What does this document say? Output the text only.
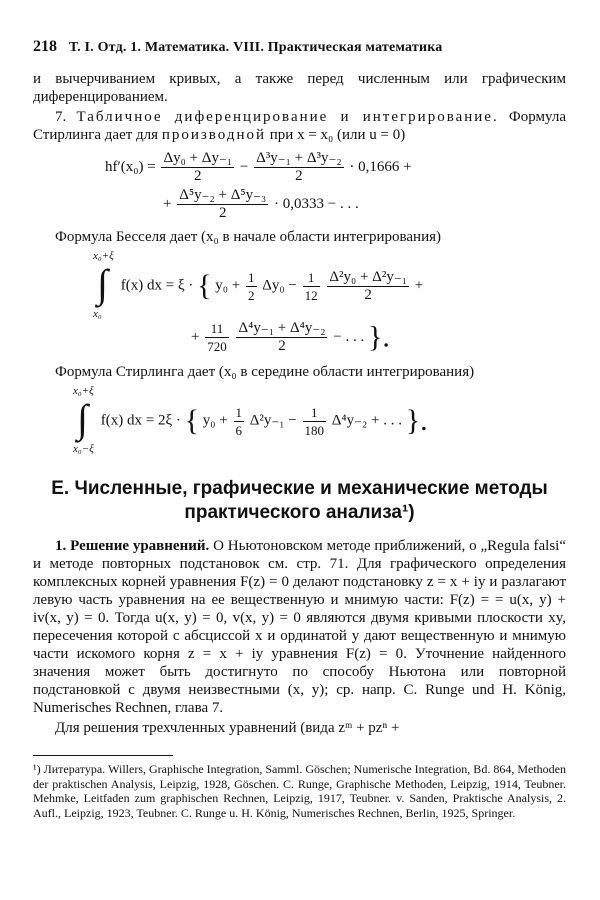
218 Т. I. Отд. 1. Математика. VIII. Практическая математика

и вычерчиванием кривых, а также перед численным или графическим диференцированием.

7. Табличное диференцирование и интегрирование. Формула Стирлинга дает для производной при x = x₀ (или u = 0)

$hf'(x_0) = \frac{\text{Δy₀ + Δy₋₁}}{2} - \frac{\text{Δ³y₋₁ + Δ³y₋₂}}{2} \cdot 0,1666$ +
+ $\frac{\text{Δ⁵y₋₂ + Δ⁵y₋₃}}{2} \cdot 0,0333$ − . . .

Формула Бесселя дает (x₀ в начале области интегрирования)

x₀+ξ
∫
x₀
f(x) dx = ξ · { $y_0 + \frac{1}{2} \Delta y_0 - \frac{1}{12}$
$\frac{\text{Δ²y₀ + Δ²y₋₁}}{2}$ +
+ $\frac{11}{720}$
$\frac{\text{Δ⁴y₋₁ + Δ⁴y₋₂}}{2}$ − . . . }.

Формула Стирлинга дает (x₀ в середине области интегрирования)

x₀+ξ
∫
x₀−ξ
f(x) dx = 2ξ · { $y_0 + \frac{1}{6} \Delta^2y_{-1} - \frac{1}{180} \Delta^4y_{-2}$ + . . . }.
E. Численные, графические и механические методы
практического анализа¹)

1. Решение уравнений. О Ньютоновском методе приближений, о „Regula falsi“ и методе повторных подстановок см. стр. 71. Для графического определения комплексных корней уравнения F(z) = 0 делают подстановку z = x + iy и разлагают левую часть уравнения на ее вещественную и мнимую части: F(z) = = u(x, y) + iv(x, y) = 0. Тогда u(x, y) = 0, v(x, y) = 0 являются двумя кривыми плоскости xy, пересечения которой с абсциссой x и ординатой y дают вещественную и мнимую части искомого корня z = x + iy уравнения F(z) = 0. Уточнение найденного значения может быть достигнуто по способу Ньютона или повторной подстановкой с двумя неизвестными (x, y); ср. напр. C. Runge und H. König, Numerisches Rechnen, глава 7.

Для решения трехчленных уравнений (вида zᵐ + pzⁿ +

¹) Литература. Willers, Graphische Integration, Samml. Göschen; Numerische Integration, Bd. 864, Methoden der praktischen Analysis, Leipzig, 1928, Göschen. C. Runge, Graphische Methoden, Leipzig, 1914, Teubner. Mehmke, Leitfaden zum graphischen Rechnen, Leipzig, 1917, Teubner. v. Sanden, Praktische Analysis, 2. Aufl., Leipzig, 1923, Teubner. C. Runge u. H. König, Numerisches Rechnen, Berlin, 1925, Springer.
